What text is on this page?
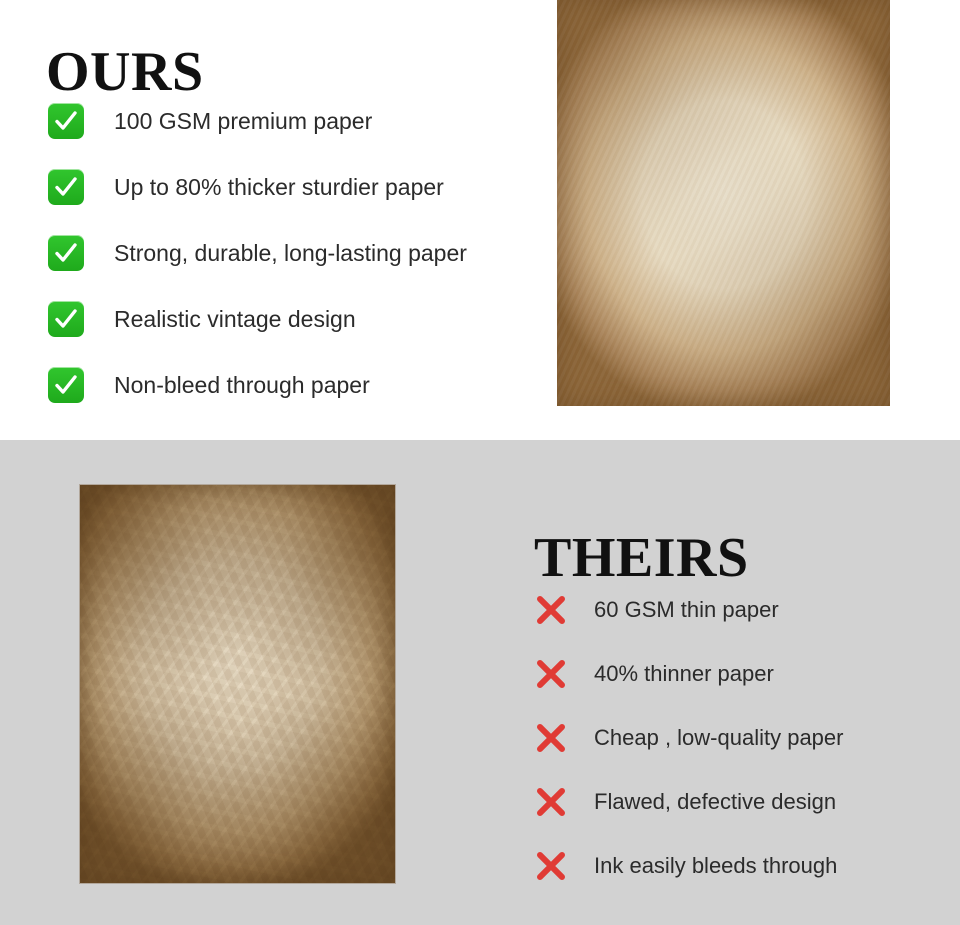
OURS
100 GSM premium paper
Up to 80% thicker sturdier paper
Strong, durable, long-lasting paper
Realistic vintage design
Non-bleed through paper
THEIRS
60 GSM thin paper
40% thinner paper
Cheap , low-quality paper
Flawed, defective design
Ink easily bleeds through
